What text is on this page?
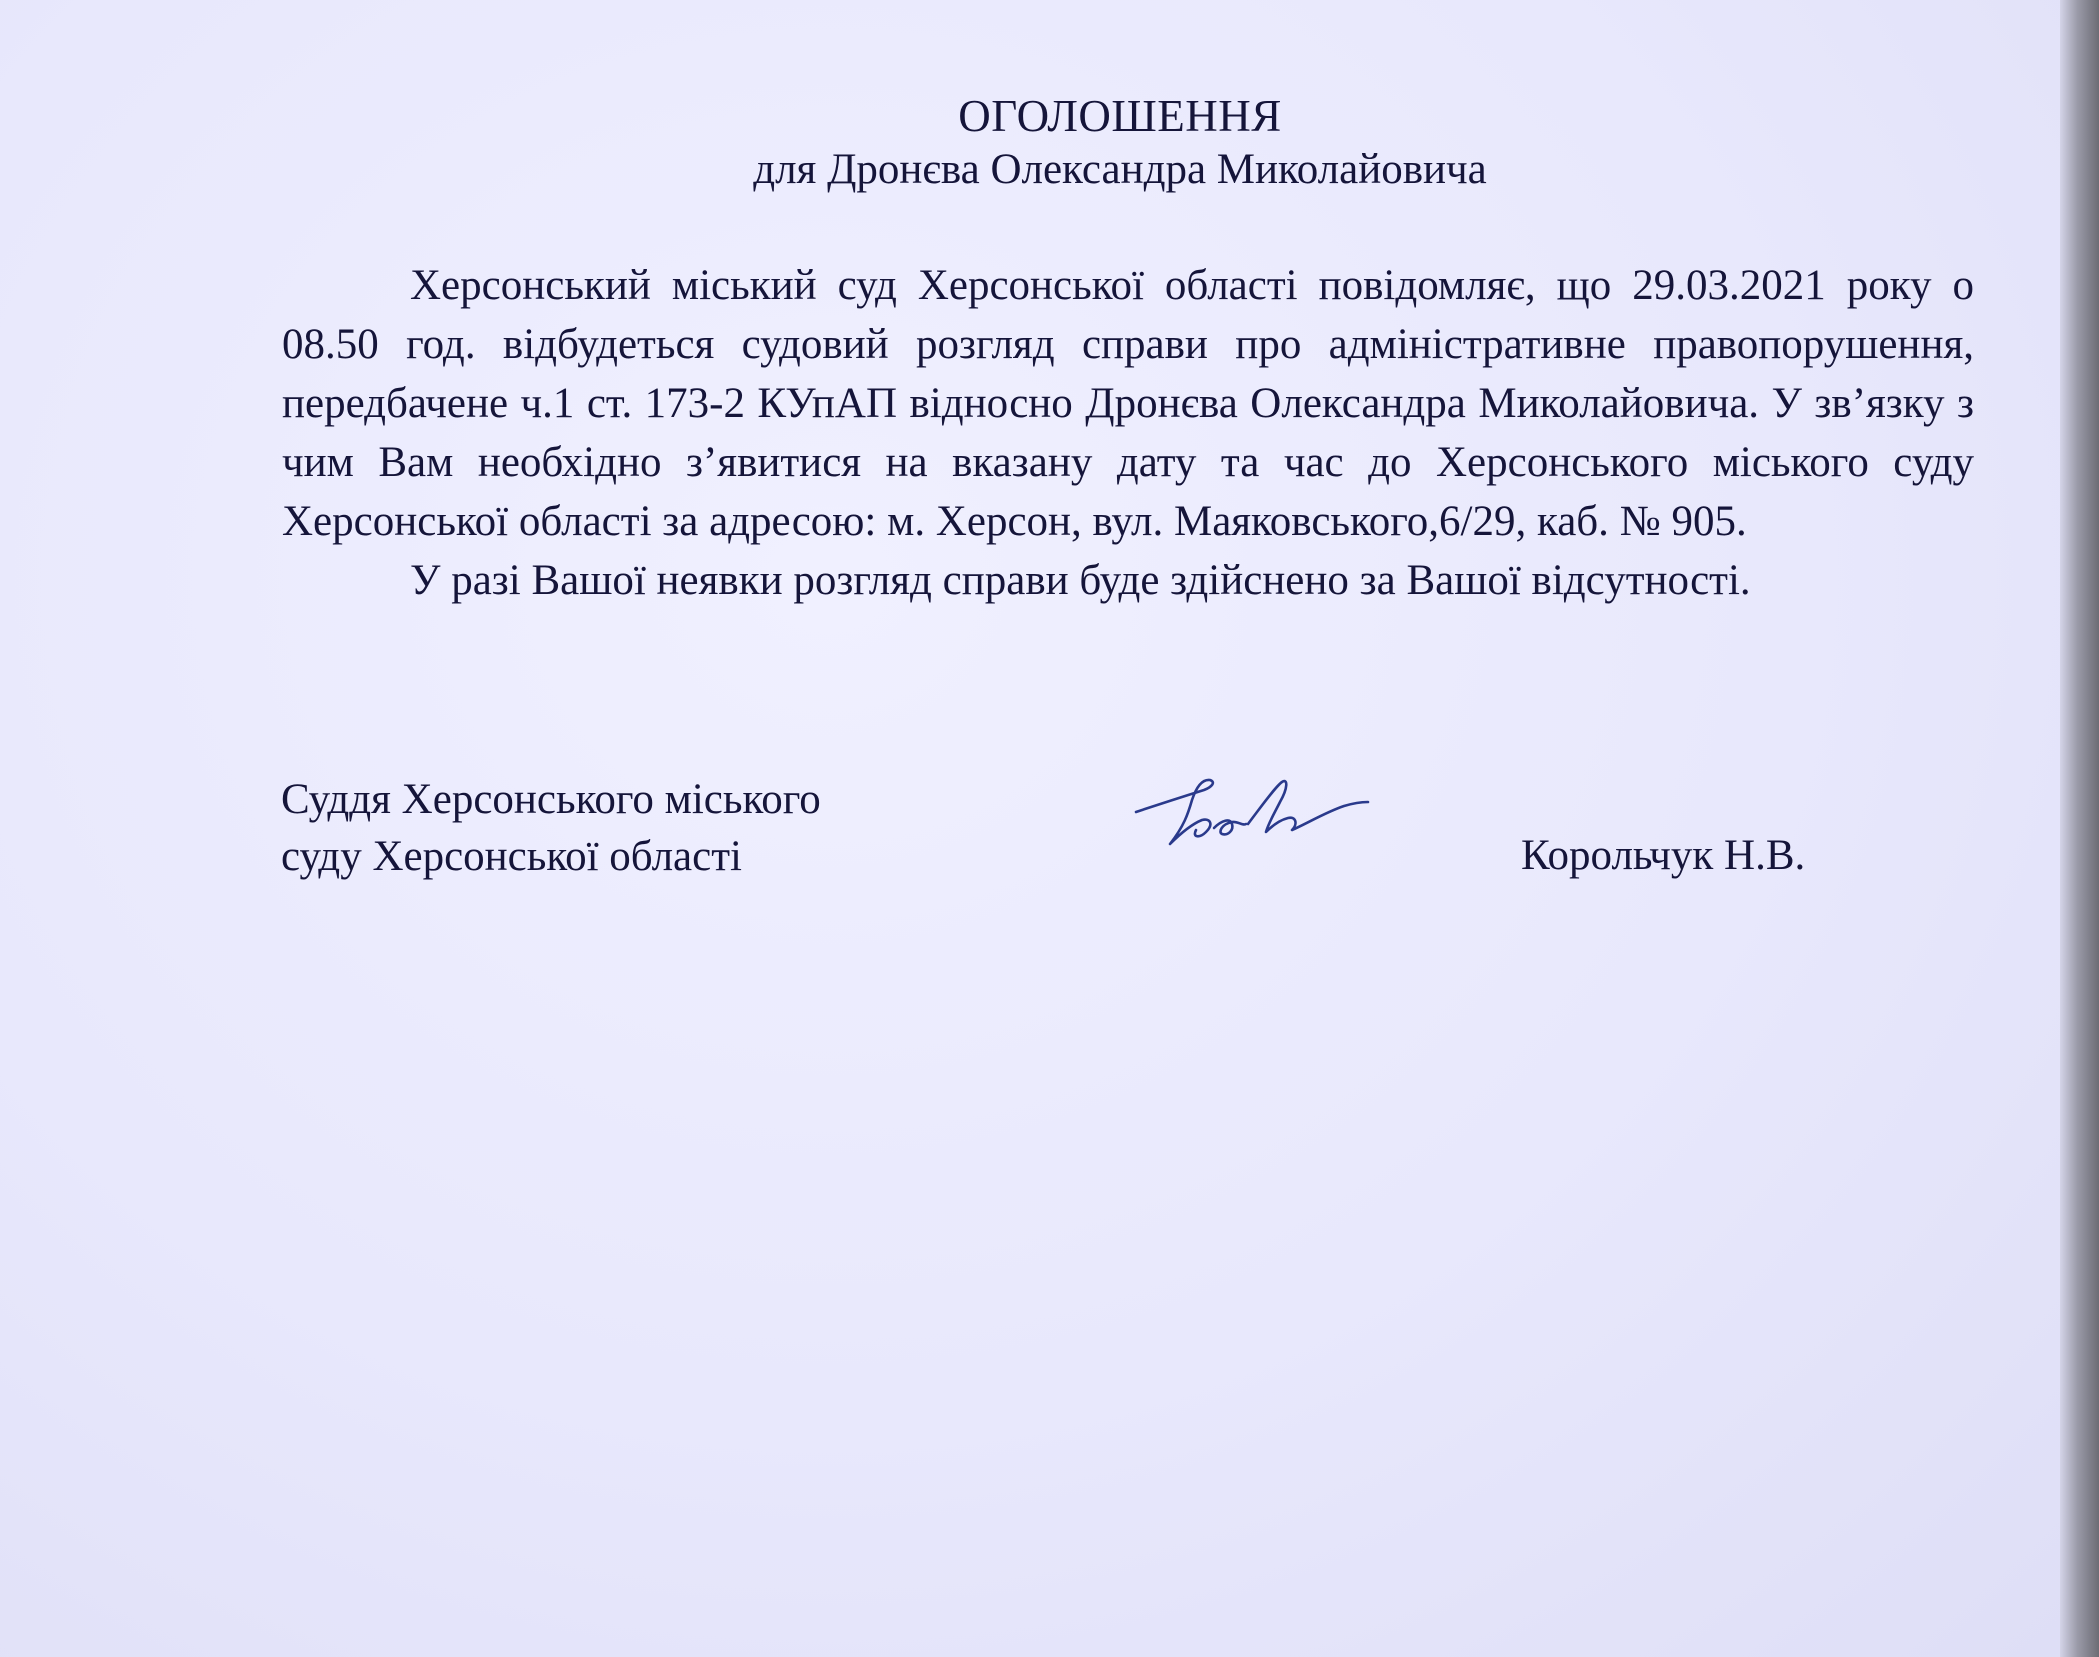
ОГОЛОШЕННЯ
для Дронєва Олександра Миколайовича

Херсонський міський суд Херсонської області повідомляє, що 29.03.2021 року о 08.50 год. відбудеться судовий розгляд справи про адміністративне правопорушення, передбачене ч.1 ст. 173-2 КУпАП відносно Дронєва Олександра Миколайовича. У зв’язку з чим Вам необхідно з’явитися на вказану дату та час до Херсонського міського суду Херсонської області за адресою: м. Херсон, вул. Маяковського,6/29, каб. № 905.

У разі Вашої неявки розгляд справи буде здійснено за Вашої відсутності.

Суддя Херсонського міського
суду Херсонської області	Корольчук Н.В.
